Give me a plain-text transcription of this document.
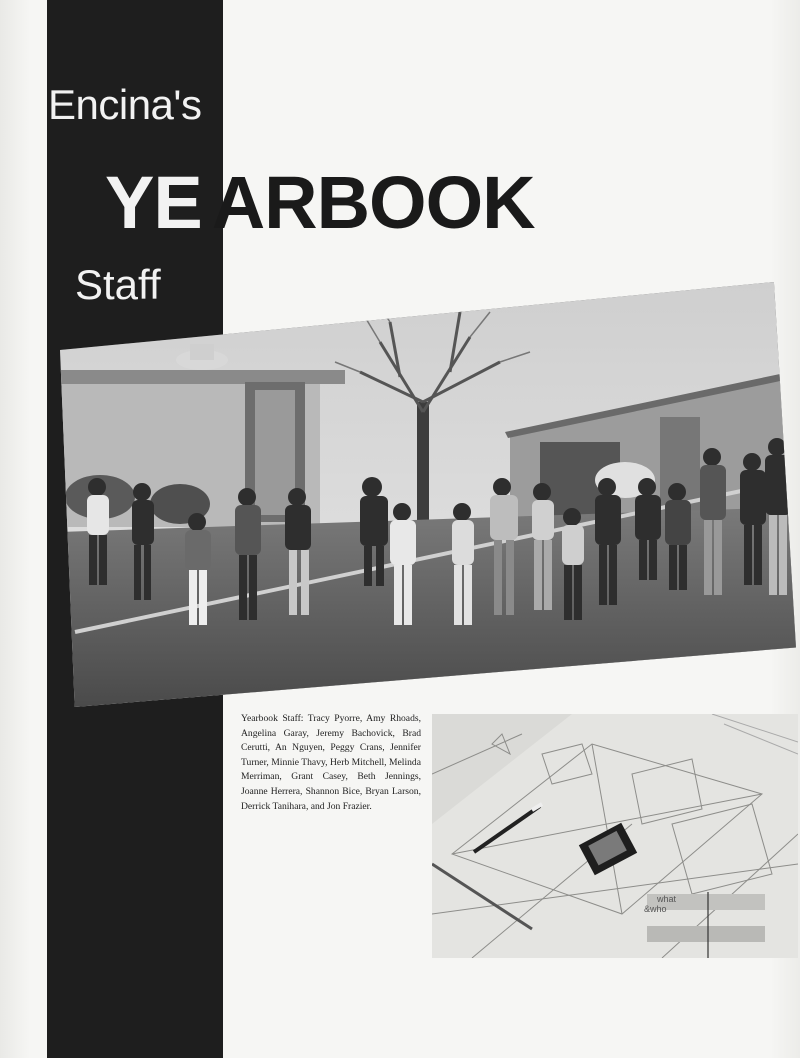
Encina's
YE ARBOOK
Staff
Yearbook Staff: Tracy Pyorre, Amy Rhoads, Angelina Garay, Jeremy Bachovick, Brad Cerutti, An Nguyen, Peggy Crans, Jennifer Turner, Minnie Thavy, Herb Mitchell, Melinda Merriman, Grant Casey, Beth Jennings, Joanne Herrera, Shannon Bice, Bryan Larson, Derrick Tanihara, and Jon Frazier.
what
&who
